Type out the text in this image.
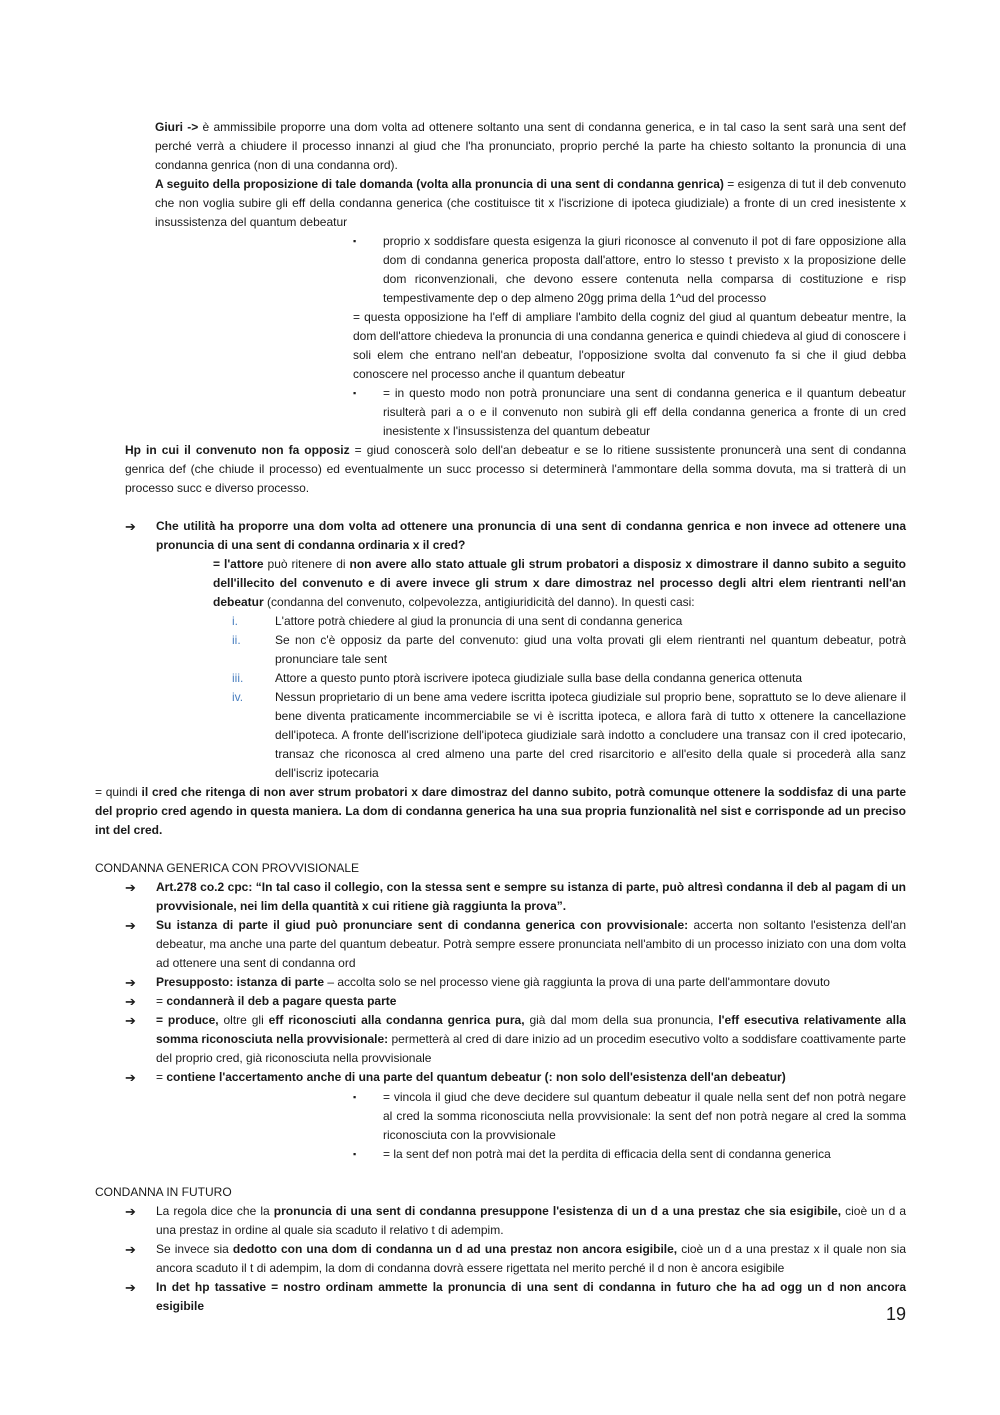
Giuri -> è ammissibile proporre una dom volta ad ottenere soltanto una sent di condanna generica, e in tal caso la sent sarà una sent def perché verrà a chiudere il processo innanzi al giud che l'ha pronunciato, proprio perché la parte ha chiesto soltanto la pronuncia di una condanna genrica (non di una condanna ord).

A seguito della proposizione di tale domanda (volta alla pronuncia di una sent di condanna genrica) = esigenza di tut il deb convenuto che non voglia subire gli eff della condanna generica (che costituisce tit x l'iscrizione di ipoteca giudiziale) a fronte di un cred inesistente x insussistenza del quantum debeatur

▪	proprio x soddisfare questa esigenza la giuri riconosce al convenuto il pot di fare opposizione alla dom di condanna generica proposta dall'attore, entro lo stesso t previsto x la proposizione delle dom riconvenzionali, che devono essere contenuta nella comparsa di costituzione e risp tempestivamente dep o dep almeno 20gg prima della 1^ud del processo

= questa opposizione ha l'eff di ampliare l'ambito della cogniz del giud al quantum debeatur mentre, la dom dell'attore chiedeva la pronuncia di una condanna generica e quindi chiedeva al giud di conoscere i soli elem che entrano nell'an debeatur, l'opposizione svolta dal convenuto fa si che il giud debba conoscere nel processo anche il quantum debeatur

▪	= in questo modo non potrà pronunciare una sent di condanna generica e il quantum debeatur risulterà pari a o e il convenuto non subirà gli eff della condanna generica a fronte di un cred inesistente x l'insussistenza del quantum debeatur

Hp in cui il convenuto non fa opposiz = giud conoscerà solo dell'an debeatur e se lo ritiene sussistente pronuncerà una sent di condanna genrica def (che chiude il processo) ed eventualmente un succ processo si determinerà l'ammontare della somma dovuta, ma si tratterà di un processo succ e diverso processo.

➔	Che utilità ha proporre una dom volta ad ottenere una pronuncia di una sent di condanna genrica e non invece ad ottenere una pronuncia di una sent di condanna ordinaria x il cred?

= l'attore può ritenere di non avere allo stato attuale gli strum probatori a disposiz x dimostrare il danno subito a seguito dell'illecito del convenuto e di avere invece gli strum x dare dimostraz nel processo degli altri elem rientranti nell'an debeatur (condanna del convenuto, colpevolezza, antigiuridicità del danno). In questi casi:

i.	L'attore potrà chiedere al giud la pronuncia di una sent di condanna generica
ii.	Se non c'è opposiz da parte del convenuto: giud una volta provati gli elem rientranti nel quantum debeatur, potrà pronunciare tale sent
iii.	Attore a questo punto ptorà iscrivere ipoteca giudiziale sulla base della condanna generica ottenuta
iv.	Nessun proprietario di un bene ama vedere iscritta ipoteca giudiziale sul proprio bene, soprattuto se lo deve alienare il bene diventa praticamente incommerciabile se vi è iscritta ipoteca, e allora farà di tutto x ottenere la cancellazione dell'ipoteca. A fronte dell'iscrizione dell'ipoteca giudiziale sarà indotto a concludere una transaz con il cred ipotecario, transaz che riconosca al cred almeno una parte del cred risarcitorio e all'esito della quale si procederà alla sanz dell'iscriz ipotecaria

= quindi il cred che ritenga di non aver strum probatori x dare dimostraz del danno subito, potrà comunque ottenere la soddisfaz di una parte del proprio cred agendo in questa maniera. La dom di condanna generica ha una sua propria funzionalità nel sist e corrisponde ad un preciso int del cred.

CONDANNA GENERICA CON PROVVISIONALE
➔	Art.278 co.2 cpc: “In tal caso il collegio, con la stessa sent e sempre su istanza di parte, può altresì condanna il deb al pagam di un provvisionale, nei lim della quantità x cui ritiene già raggiunta la prova”.
➔	Su istanza di parte il giud può pronunciare sent di condanna generica con provvisionale: accerta non soltanto l'esistenza dell'an debeatur, ma anche una parte del quantum debeatur. Potrà sempre essere pronunciata nell'ambito di un processo iniziato con una dom volta ad ottenere una sent di condanna ord
➔	Presupposto: istanza di parte – accolta solo se nel processo viene già raggiunta la prova di una parte dell'ammontare dovuto
➔	= condannerà il deb a pagare questa parte
➔	= produce, oltre gli eff riconosciuti alla condanna genrica pura, già dal mom della sua pronuncia, l'eff esecutiva relativamente alla somma riconosciuta nella provvisionale: permetterà al cred di dare inizio ad un procedim esecutivo volto a soddisfare coattivamente parte del proprio cred, già riconosciuta nella provvisionale
➔	= contiene l'accertamento anche di una parte del quantum debeatur (: non solo dell'esistenza dell'an debeatur)
▪	= vincola il giud che deve decidere sul quantum debeatur il quale nella sent def non potrà negare al cred la somma riconosciuta nella provvisionale: la sent def non potrà negare al cred la somma riconosciuta con la provvisionale
▪	= la sent def non potrà mai det la perdita di efficacia della sent di condanna generica
CONDANNA IN FUTURO
➔	La regola dice che la pronuncia di una sent di condanna presuppone l'esistenza di un d a una prestaz che sia esigibile, cioè un d a una prestaz in ordine al quale sia scaduto il relativo t di adempim.
➔	Se invece sia dedotto con una dom di condanna un d ad una prestaz non ancora esigibile, cioè un d a una prestaz x il quale non sia ancora scaduto il t di adempim, la dom di condanna dovrà essere rigettata nel merito perché il d non è ancora esigibile
➔	In det hp tassative = nostro ordinam ammette la pronuncia di una sent di condanna in futuro che ha ad ogg un d non ancora esigibile	19
